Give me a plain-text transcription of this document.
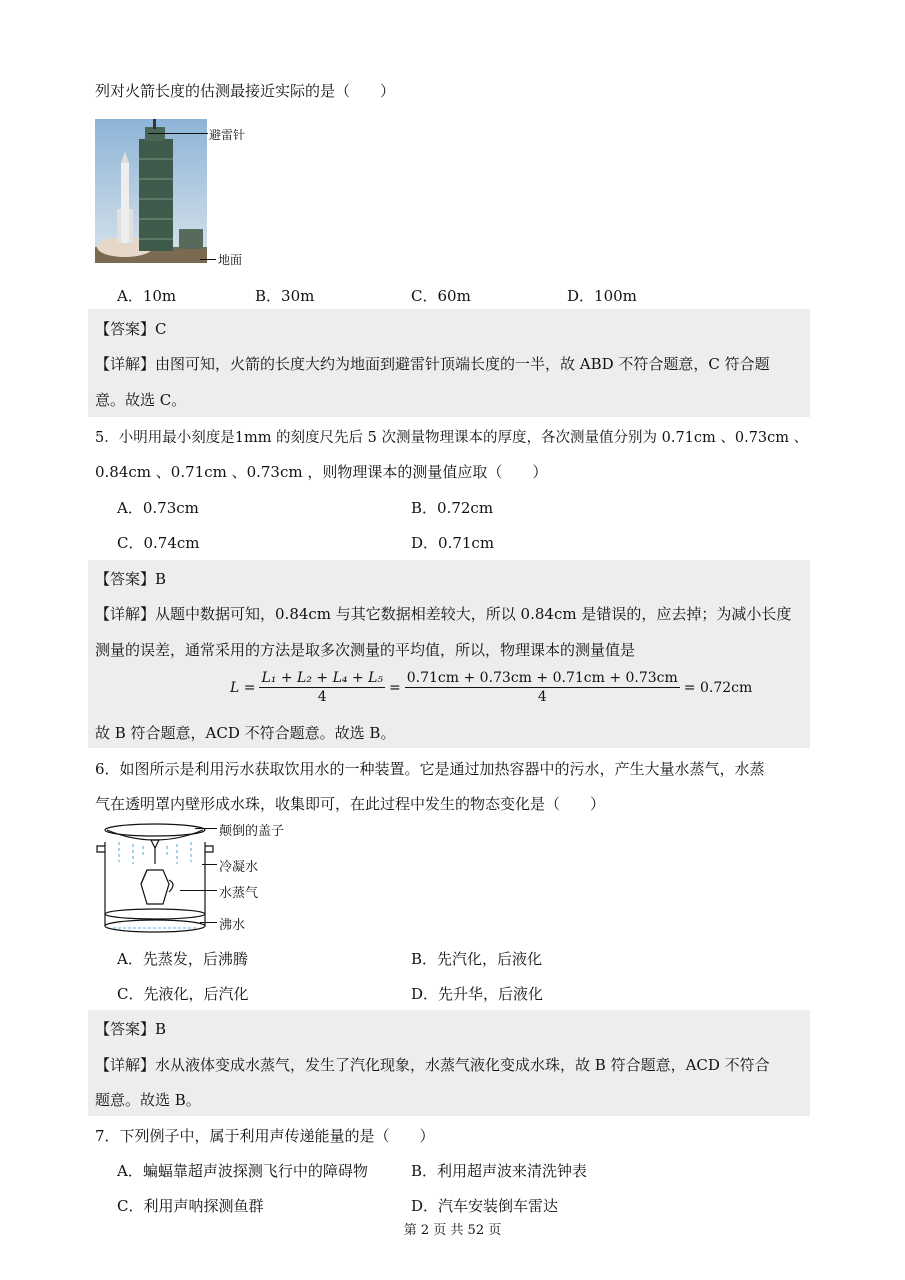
列对火箭长度的估测最接近实际的是（　　）
避雷针
地面
A．10m	B．30m	C．60m	D．100m
【答案】C
【详解】由图可知，火箭的长度大约为地面到避雷针顶端长度的一半，故 ABD 不符合题意，C 符合题
意。故选 C。
5．小明用最小刻度是1mm 的刻度尺先后 5 次测量物理课本的厚度，各次测量值分别为 0.71cm 、0.73cm 、
0.84cm 、0.71cm 、0.73cm ，则物理课本的测量值应取（　　）
A．0.73cm	B．0.72cm
C．0.74cm	D．0.71cm
【答案】B
【详解】从题中数据可知，0.84cm 与其它数据相差较大，所以 0.84cm 是错误的，应去掉；为减小长度
测量的误差，通常采用的方法是取多次测量的平均值，所以，物理课本的测量值是
$L = \frac{\text{L₁ + L₂ + L₄ + L₅}}{4} = \frac{0.71cm + 0.73cm + 0.71cm + 0.73cm}{4} = 0.72cm$
故 B 符合题意，ACD 不符合题意。故选 B。
6．如图所示是利用污水获取饮用水的一种装置。它是通过加热容器中的污水，产生大量水蒸气，水蒸
气在透明罩内壁形成水珠，收集即可，在此过程中发生的物态变化是（　　）
颠倒的盖子
冷凝水
水蒸气
沸水
A．先蒸发，后沸腾	B．先汽化，后液化
C．先液化，后汽化	D．先升华，后液化
【答案】B
【详解】水从液体变成水蒸气，发生了汽化现象，水蒸气液化变成水珠，故 B 符合题意，ACD 不符合
题意。故选 B。
7．下列例子中，属于利用声传递能量的是（　　）
A．蝙蝠靠超声波探测飞行中的障碍物	B．利用超声波来清洗钟表
C．利用声呐探测鱼群	D．汽车安装倒车雷达
第 2 页 共 52 页
